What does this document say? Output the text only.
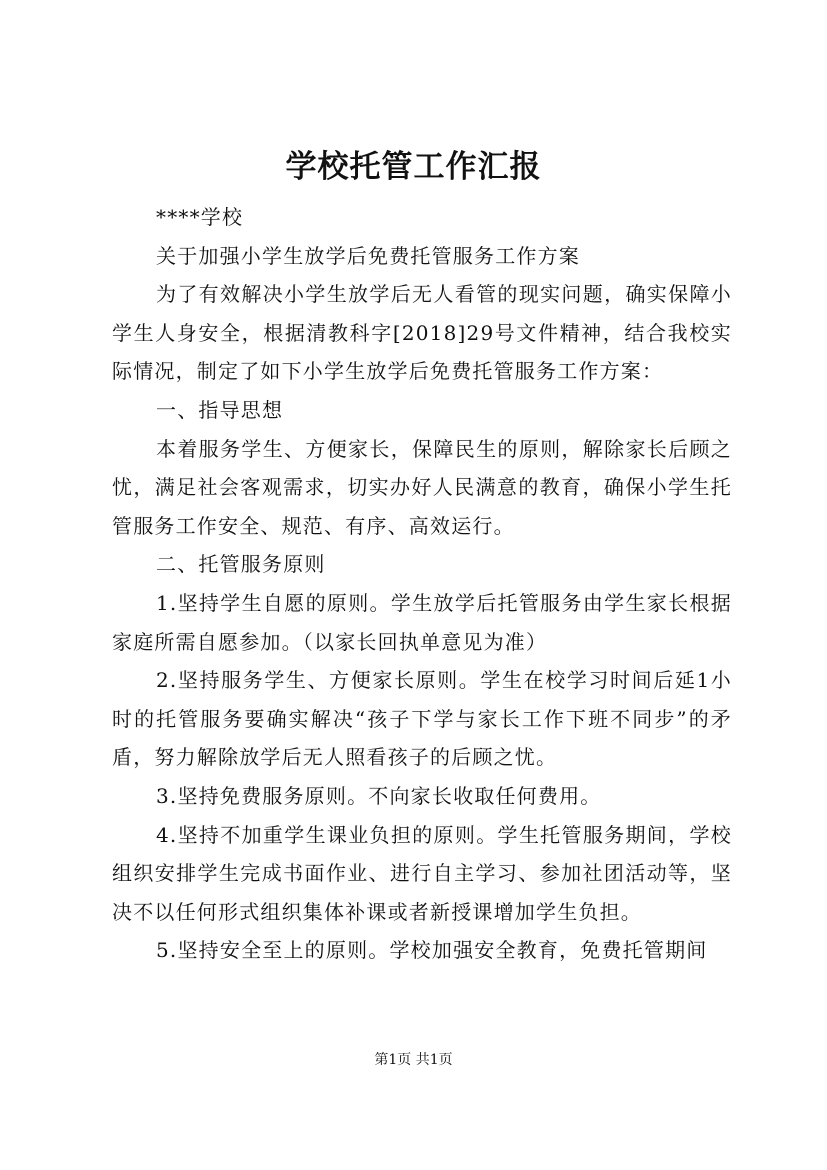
学校托管工作汇报

****学校

关于加强小学生放学后免费托管服务工作方案

为了有效解决小学生放学后无人看管的现实问题，确实保障小学生人身安全，根据清教科字[2018]29号文件精神，结合我校实际情况，制定了如下小学生放学后免费托管服务工作方案：

一、指导思想

本着服务学生、方便家长，保障民生的原则，解除家长后顾之忧，满足社会客观需求，切实办好人民满意的教育，确保小学生托管服务工作安全、规范、有序、高效运行。

二、托管服务原则

1.坚持学生自愿的原则。学生放学后托管服务由学生家长根据家庭所需自愿参加。（以家长回执单意见为准）

2.坚持服务学生、方便家长原则。学生在校学习时间后延1小时的托管服务要确实解决“孩子下学与家长工作下班不同步”的矛盾，努力解除放学后无人照看孩子的后顾之忧。

3.坚持免费服务原则。不向家长收取任何费用。

4.坚持不加重学生课业负担的原则。学生托管服务期间，学校组织安排学生完成书面作业、进行自主学习、参加社团活动等，坚决不以任何形式组织集体补课或者新授课增加学生负担。

5.坚持安全至上的原则。学校加强安全教育，免费托管期间

第1页 共1页
